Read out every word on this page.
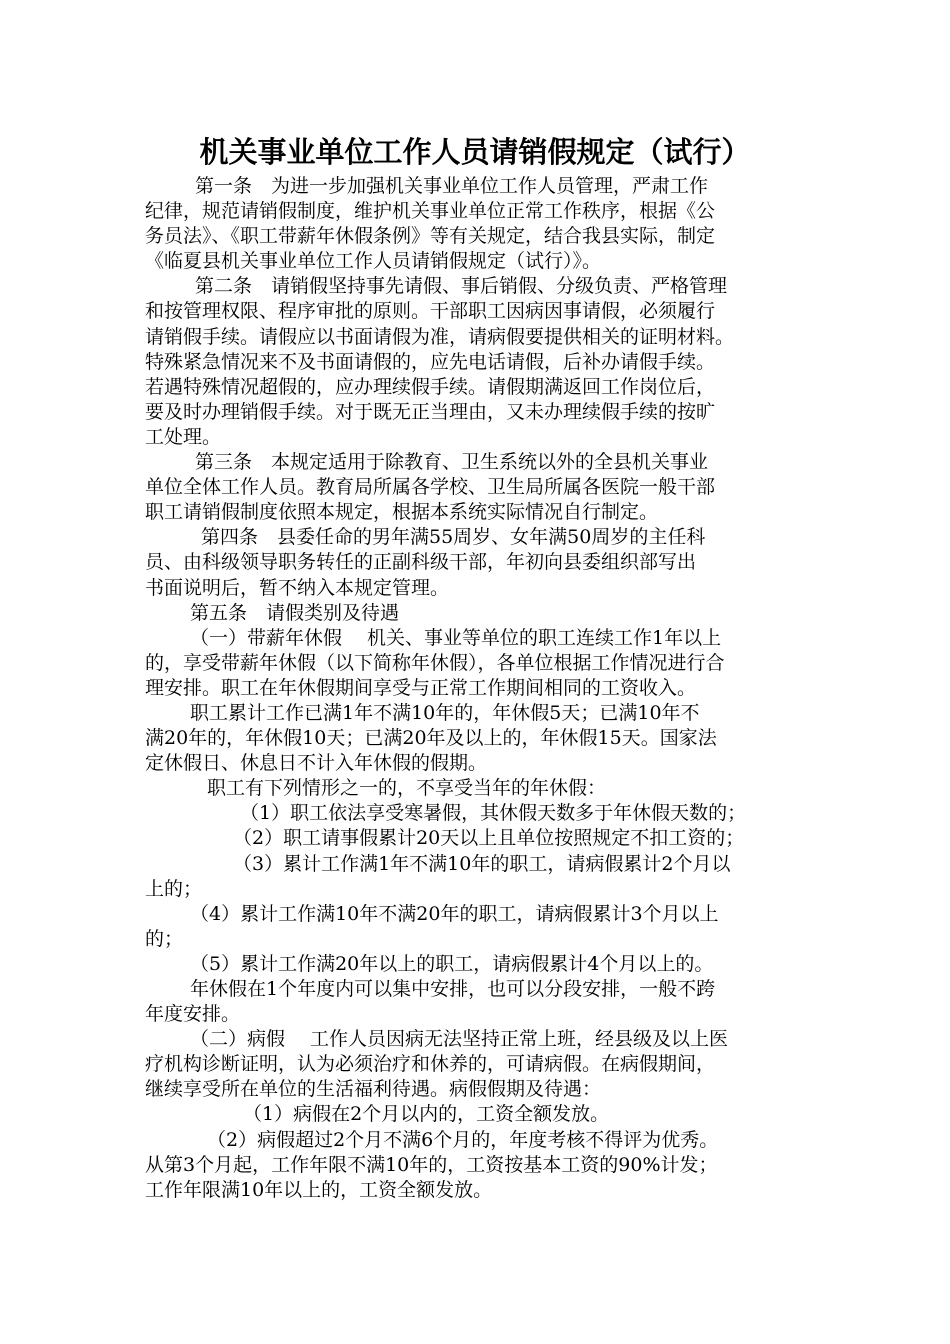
机关事业单位工作人员请销假规定（试行）
第一条　为进一步加强机关事业单位工作人员管理，严肃工作
纪律，规范请销假制度，维护机关事业单位正常工作秩序，根据《公
务员法》、《职工带薪年休假条例》等有关规定，结合我县实际，制定
《临夏县机关事业单位工作人员请销假规定（试行）》。
第二条　请销假坚持事先请假、事后销假、分级负责、严格管理
和按管理权限、程序审批的原则。干部职工因病因事请假，必须履行
请销假手续。请假应以书面请假为准，请病假要提供相关的证明材料。
特殊紧急情况来不及书面请假的，应先电话请假，后补办请假手续。
若遇特殊情况超假的，应办理续假手续。请假期满返回工作岗位后，
要及时办理销假手续。对于既无正当理由，又未办理续假手续的按旷
工处理。
第三条　本规定适用于除教育、卫生系统以外的全县机关事业
单位全体工作人员。教育局所属各学校、卫生局所属各医院一般干部
职工请销假制度依照本规定，根据本系统实际情况自行制定。
第四条　县委任命的男年满55周岁、女年满50周岁的主任科
员、由科级领导职务转任的正副科级干部，年初向县委组织部写出
书面说明后，暂不纳入本规定管理。
第五条　请假类别及待遇
（一）带薪年休假　 机关、事业等单位的职工连续工作1年以上
的，享受带薪年休假（以下简称年休假），各单位根据工作情况进行合
理安排。职工在年休假期间享受与正常工作期间相同的工资收入。
职工累计工作已满1年不满10年的，年休假5天；已满10年不
满20年的，年休假10天；已满20年及以上的，年休假15天。国家法
定休假日、休息日不计入年休假的假期。
职工有下列情形之一的，不享受当年的年休假：
（1）职工依法享受寒暑假，其休假天数多于年休假天数的；
（2）职工请事假累计20天以上且单位按照规定不扣工资的；
（3）累计工作满1年不满10年的职工，请病假累计2个月以
上的；
（4）累计工作满10年不满20年的职工，请病假累计3个月以上
的；
（5）累计工作满20年以上的职工，请病假累计4个月以上的。
年休假在1个年度内可以集中安排，也可以分段安排，一般不跨
年度安排。
（二）病假　 工作人员因病无法坚持正常上班，经县级及以上医
疗机构诊断证明，认为必须治疗和休养的，可请病假。在病假期间，
继续享受所在单位的生活福利待遇。病假假期及待遇：
（1）病假在2个月以内的，工资全额发放。
（2）病假超过2个月不满6个月的，年度考核不得评为优秀。
从第3个月起，工作年限不满10年的，工资按基本工资的90%计发；
工作年限满10年以上的，工资全额发放。
